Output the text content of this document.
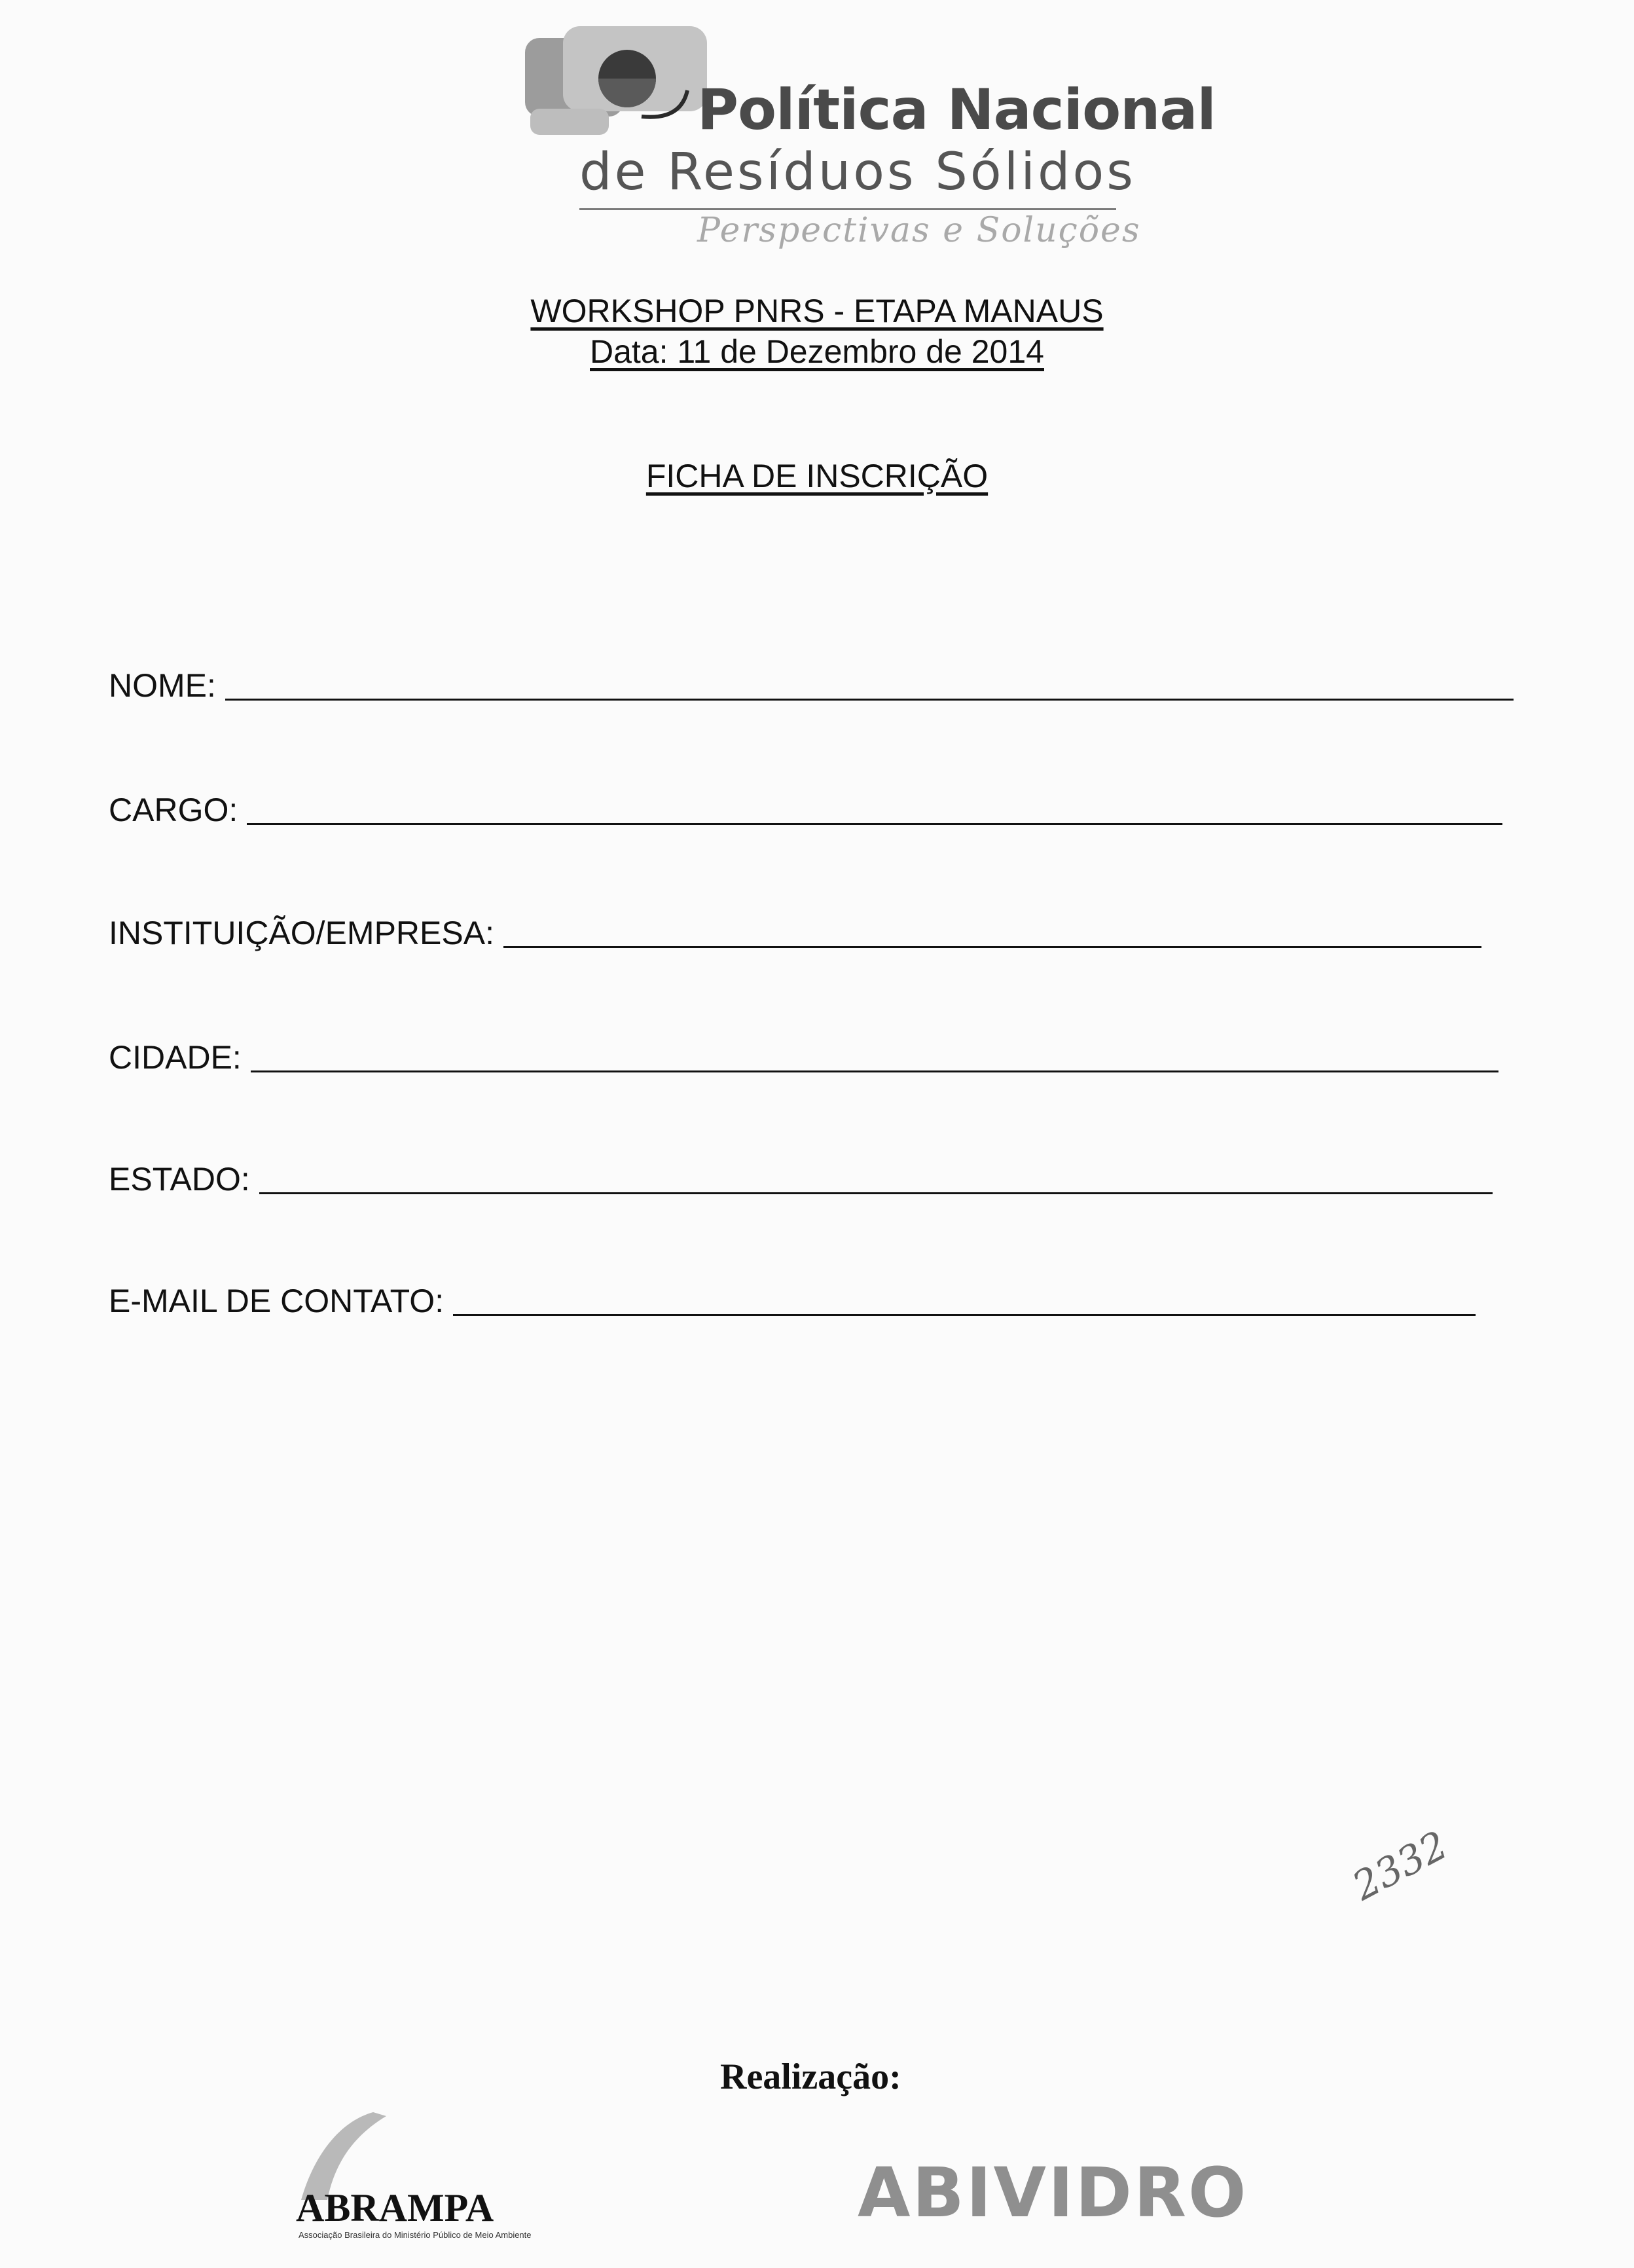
Política Nacional
de Resíduos Sólidos
Perspectivas e Soluções
WORKSHOP PNRS - ETAPA MANAUS
Data: 11 de Dezembro de 2014
FICHA DE INSCRIÇÃO
NOME:
CARGO:
INSTITUIÇÃO/EMPRESA:
CIDADE:
ESTADO:
E-MAIL DE CONTATO:
2332
Realização:
ABRAMPA
Associação Brasileira do Ministério Público de Meio Ambiente
ABIVIDRO
